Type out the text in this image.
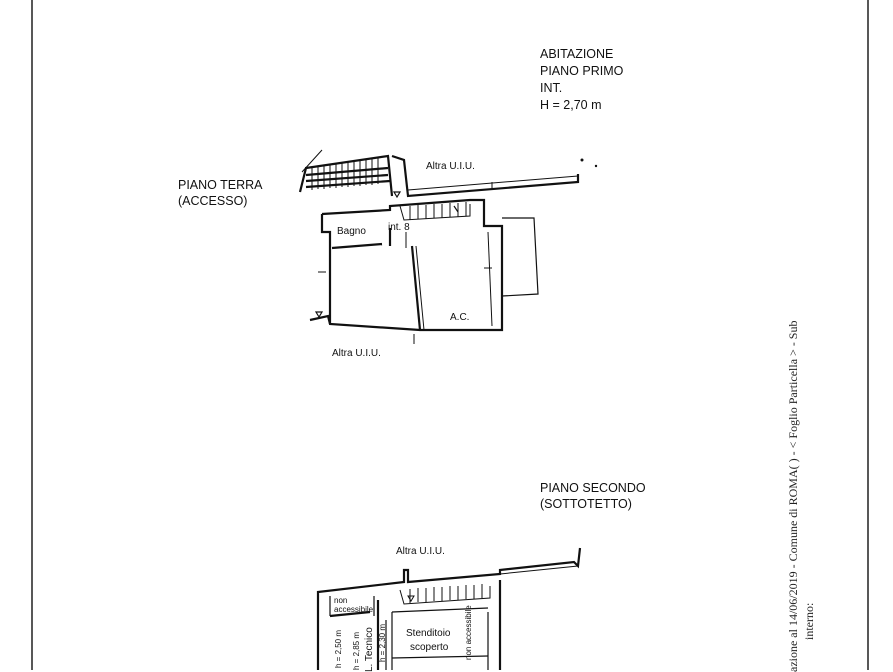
ABITAZIONE
PIANO PRIMO
INT.
H = 2,70 m
PIANO TERRA
(ACCESSO)
Altra U.I.U.
Bagno int. 8
A.C.
Altra U.I.U.
PIANO SECONDO
(SOTTOTETTO)
Altra U.I.U.
non accessibile
Stenditoio
scoperto
h = 2,50 m h = 2,85 m L. Tecnico h = 2,30 m	non accessibile	azione al 14/06/2019 - Comune di ROMA( ) - < Foglio Particella > - Sub interno:
